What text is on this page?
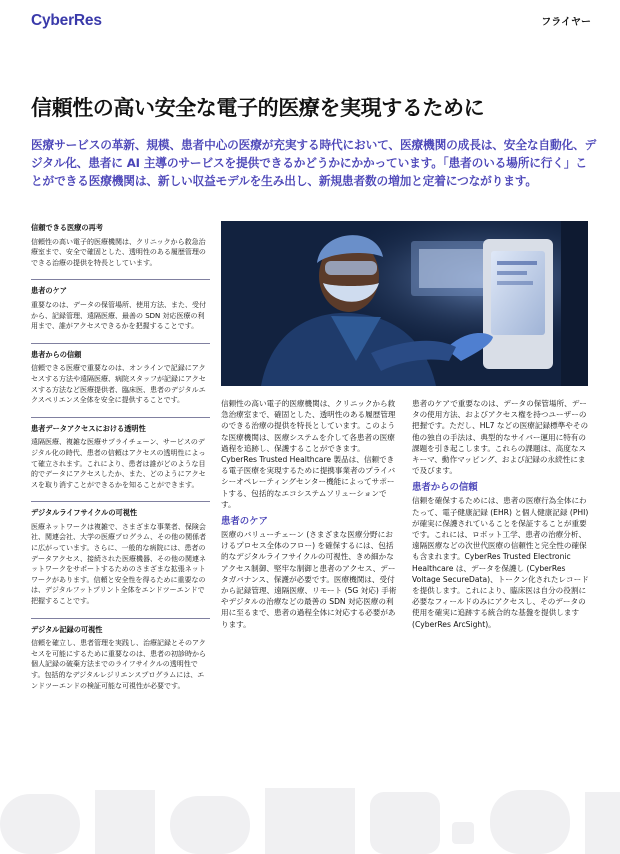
CyberRes	フライヤー
信頼性の高い安全な電子的医療を実現するために
医療サービスの革新、規模、患者中心の医療が充実する時代において、医療機関の成長は、安全な自動化、デジタル化、患者に AI 主導のサービスを提供できるかどうかにかかっています。「患者のいる場所に行く」ことができる医療機関は、新しい収益モデルを生み出し、新規患者数の増加と定着につながります。
信頼できる医療の再考
信頼性の高い電子的医療機関は、クリニックから救急治療室まで、安全で確固とした、透明性のある履歴管理のできる治療の提供を特長としています。
患者のケア
重要なのは、データの保管場所、使用方法、また、受付から、記録管理、遠隔医療、最善の SDN 対応医療の利用まで、誰がアクセスできるかを把握することです。
患者からの信頼
信頼できる医療で重要なのは、オンラインで記録にアクセスする方法や遠隔医療、病院スタッフが記録にアクセスする方法など医療提供者、臨床医、患者のデジタルエクスペリエンス全体を安全に提供することです。
患者データアクセスにおける透明性
遠隔医療、複雑な医療サプライチェーン、サービスのデジタル化の時代、患者の信頼はアクセスの透明性によって確立されます。これにより、患者は誰がどのような目的でデータにアクセスしたか、また、どのようにアクセスを取り消すことができるかを知ることができます。
デジタルライフサイクルの可視性
医療ネットワークは複雑で、さまざまな事業者、保険会社、関連会社、大学の医療プログラム、その他の関係者に広がっています。さらに、一般的な病院には、患者のデータアクセス、接続された医療機器、その他の関連ネットワークをサポートするためのさまざまな拡張ネットワークがあります。信頼と安全性を得るために重要なのは、デジタルフットプリント全体をエンドツーエンドで把握することです。
デジタル記録の可視性
信頼を確立し、患者管理を実践し、治療記録とそのアクセスを可能にするために重要なのは、患者の初診時から個人記録の破棄方法までのライフサイクルの透明性です。包括的なデジタルレジリエンスプログラムには、エンドツーエンドの検証可能な可視性が必要です。

信頼性の高い電子的医療機関は、クリニックから救急治療室まで、確固とした、透明性のある履歴管理のできる治療の提供を特長としています。このような医療機関は、医療システムを介して各患者の医療過程を追跡し、保護することができます。CyberRes Trusted Healthcare 製品は、信頼できる電子医療を実現するために提携事業者のプライバシーオペレーティングセンター機能によってサポートする、包括的なエコシステムソリューションです。

患者のケア

医療のバリューチェーン (さまざまな医療分野におけるプロセス全体のフロー) を確保するには、包括的なデジタルライフサイクルの可視性、きめ細かなアクセス制御、堅牢な制御と患者のアクセス、データガバナンス、保護が必要です。医療機関は、受付から記録管理、遠隔医療、リモート (5G 対応) 手術やデジタルの治療などの最善の SDN 対応医療の利用に至るまで、患者の過程全体に対応する必要があります。

患者のケアで重要なのは、データの保管場所、データの使用方法、およびアクセス権を持つユーザーの把握です。ただし、HL7 などの医療記録標準やその他の独自の手法は、典型的なサイバー運用に特有の課題を引き起こします。これらの課題は、高度なスキーマ、動作マッピング、および記録の永続性にまで及びます。

患者からの信頼

信頼を確保するためには、患者の医療行為全体にわたって、電子健康記録 (EHR) と個人健康記録 (PHI) が確実に保護されていることを保証することが重要です。これには、ロボット工学、患者の治療分析、遠隔医療などの次世代医療の信頼性と完全性の確保も含まれます。CyberRes Trusted Electronic Healthcare は、データを保護し (CyberRes Voltage SecureData)、トークン化されたレコードを提供します。これにより、臨床医は自分の役割に必要なフィールドのみにアクセスし、そのデータの使用を確実に追跡する統合的な基盤を提供します (CyberRes ArcSight)。
